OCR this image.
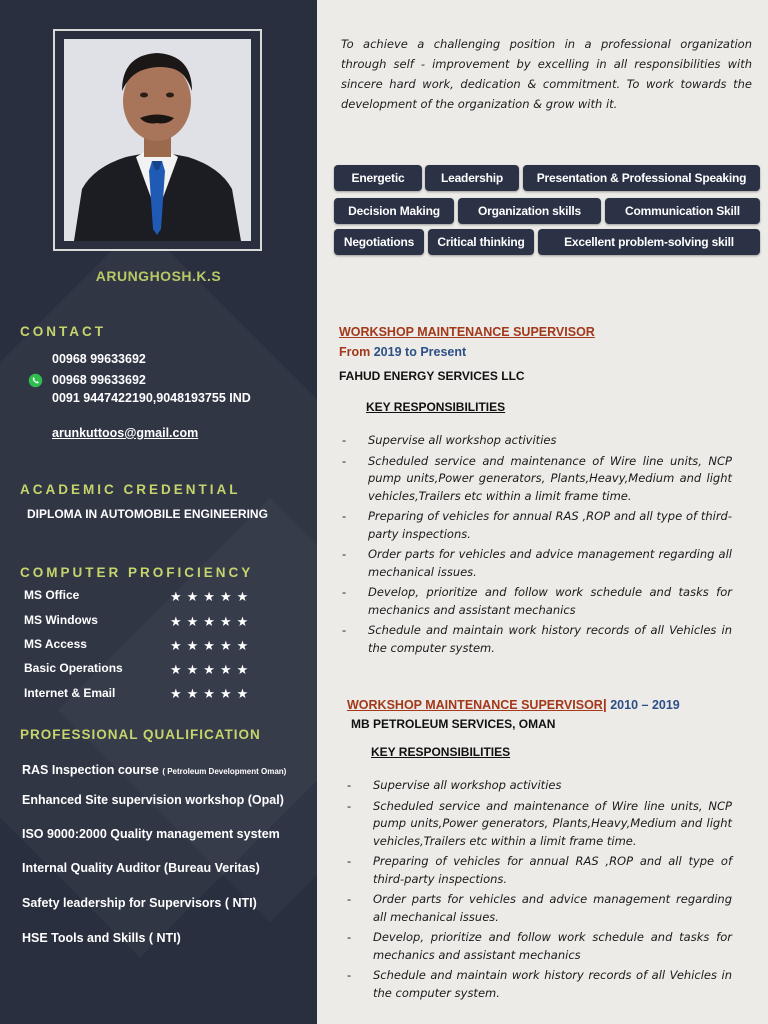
ARUNGHOSH.K.S
CONTACT
00968 99633692
00968 99633692
0091 9447422190,9048193755 IND
arunkuttoos@gmail.com
ACADEMIC CREDENTIAL
DIPLOMA IN AUTOMOBILE ENGINEERING
COMPUTER PROFICIENCY
MS Office	★★★★★
MS Windows	★★★★★
MS Access	★★★★★
Basic Operations	★★★★★
Internet & Email	★★★★★
PROFESSIONAL QUALIFICATION
RAS Inspection course ( Petroleum Development Oman)
Enhanced Site supervision workshop (Opal)
ISO 9000:2000 Quality management system
Internal Quality Auditor (Bureau Veritas)
Safety leadership for Supervisors ( NTI)
HSE Tools and Skills ( NTI)
To achieve a challenging position in a professional organization through self - improvement by excelling in all responsibilities with sincere hard work, dedication & commitment. To work towards the development of the organization & grow with it.
Energetic	Leadership	Presentation & Professional Speaking
Decision Making	Organization skills	Communication Skill
Negotiations	Critical thinking	Excellent problem-solving skill
WORKSHOP MAINTENANCE SUPERVISOR
From 2019 to Present
FAHUD ENERGY SERVICES LLC
KEY RESPONSIBILITIES
- Supervise all workshop activities
- Scheduled service and maintenance of Wire line units, NCP pump units,Power generators, Plants,Heavy,Medium and light vehicles,Trailers etc within a limit frame time.
- Preparing of vehicles for annual RAS ,ROP and all type of third-party inspections.
- Order parts for vehicles and advice management regarding all mechanical issues.
- Develop, prioritize and follow work schedule and tasks for mechanics and assistant mechanics
- Schedule and maintain work history records of all Vehicles in the computer system.
WORKSHOP MAINTENANCE SUPERVISOR| 2010 – 2019
MB PETROLEUM SERVICES, OMAN
KEY RESPONSIBILITIES
- Supervise all workshop activities
- Scheduled service and maintenance of Wire line units, NCP pump units,Power generators, Plants,Heavy,Medium and light vehicles,Trailers etc within a limit frame time.
- Preparing of vehicles for annual RAS ,ROP and all type of third-party inspections.
- Order parts for vehicles and advice management regarding all mechanical issues.
- Develop, prioritize and follow work schedule and tasks for mechanics and assistant mechanics
- Schedule and maintain work history records of all Vehicles in the computer system.
